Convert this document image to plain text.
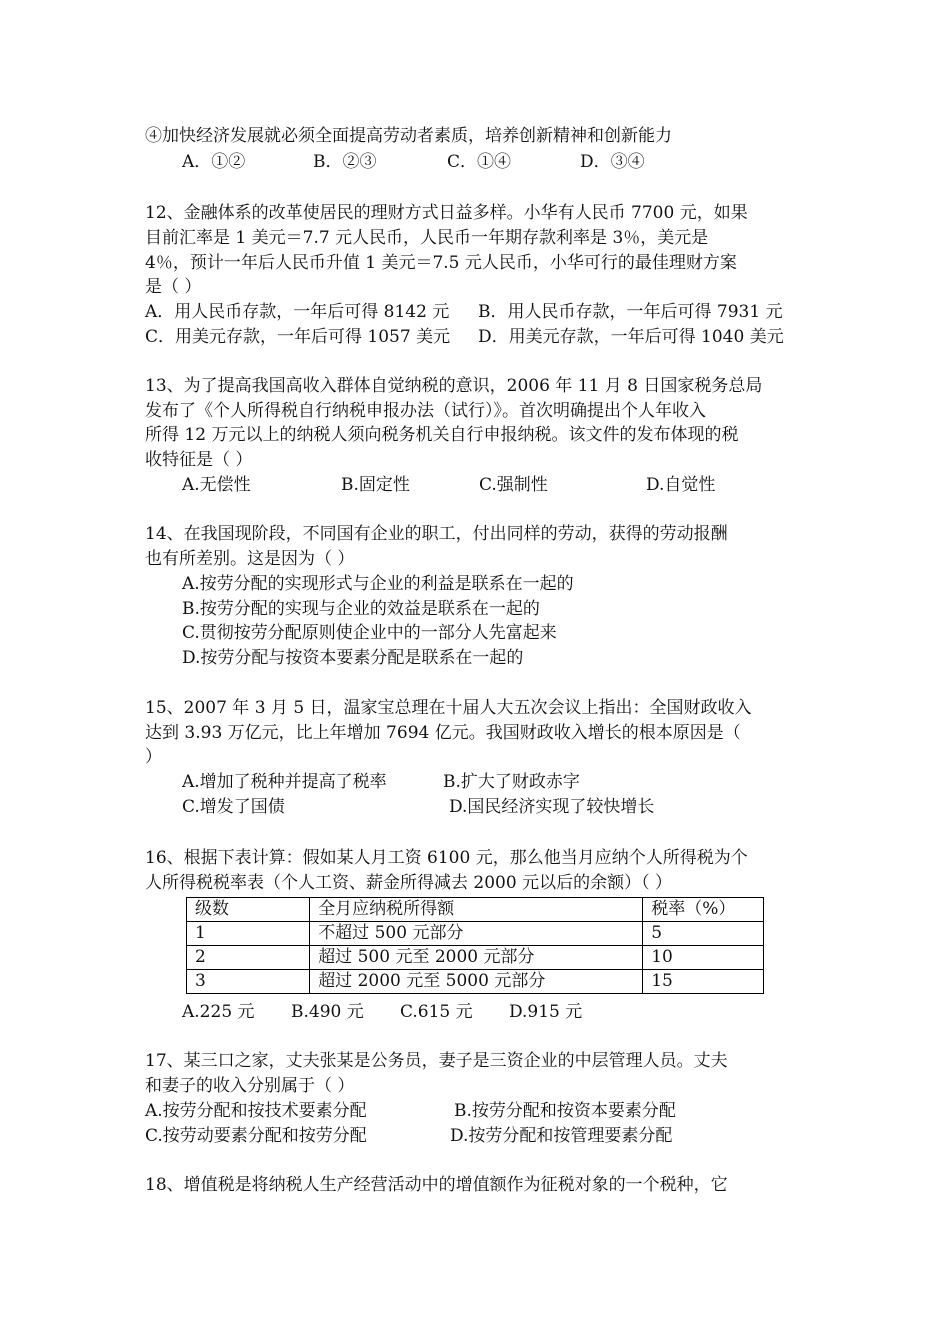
④加快经济发展就必须全面提高劳动者素质，培养创新精神和创新能力
A．①②	B．②③	C．①④	D．③④
12、金融体系的改革使居民的理财方式日益多样。小华有人民币 7700 元，如果
目前汇率是 1 美元＝7.7 元人民币，人民币一年期存款利率是 3％，美元是
4％，预计一年后人民币升值 1 美元＝7.5 元人民币，小华可行的最佳理财方案
是（ ）
A．用人民币存款，一年后可得 8142 元 B．用人民币存款，一年后可得 7931 元
C．用美元存款，一年后可得 1057 美元 D．用美元存款，一年后可得 1040 美元
13、为了提高我国高收入群体自觉纳税的意识，2006 年 11 月 8 日国家税务总局
发布了《个人所得税自行纳税申报办法（试行）》。首次明确提出个人年收入
所得 12 万元以上的纳税人须向税务机关自行申报纳税。该文件的发布体现的税
收特征是（ ）
A.无偿性	B.固定性	C.强制性	D.自觉性
14、在我国现阶段，不同国有企业的职工，付出同样的劳动，获得的劳动报酬
也有所差别。这是因为（ ）
A.按劳分配的实现形式与企业的利益是联系在一起的
B.按劳分配的实现与企业的效益是联系在一起的
C.贯彻按劳分配原则使企业中的一部分人先富起来
D.按劳分配与按资本要素分配是联系在一起的
15、2007 年 3 月 5 日，温家宝总理在十届人大五次会议上指出：全国财政收入
达到 3.93 万亿元，比上年增加 7694 亿元。我国财政收入增长的根本原因是（
）
A.增加了税种并提高了税率	B.扩大了财政赤字
C.增发了国债	D.国民经济实现了较快增长
16、根据下表计算：假如某人月工资 6100 元，那么他当月应纳个人所得税为个
人所得税税率表（个人工资、薪金所得减去 2000 元以后的余额）（ ）
级数	全月应纳税所得额	税率（%）
1	不超过 500 元部分	5
2	超过 500 元至 2000 元部分	10
3	超过 2000 元至 5000 元部分	15
A.225 元 B.490 元 C.615 元 D.915 元
17、某三口之家，丈夫张某是公务员，妻子是三资企业的中层管理人员。丈夫
和妻子的收入分别属于（ ）
A.按劳分配和按技术要素分配	B.按劳分配和按资本要素分配
C.按劳动要素分配和按劳分配	D.按劳分配和按管理要素分配
18、增值税是将纳税人生产经营活动中的增值额作为征税对象的一个税种，它
